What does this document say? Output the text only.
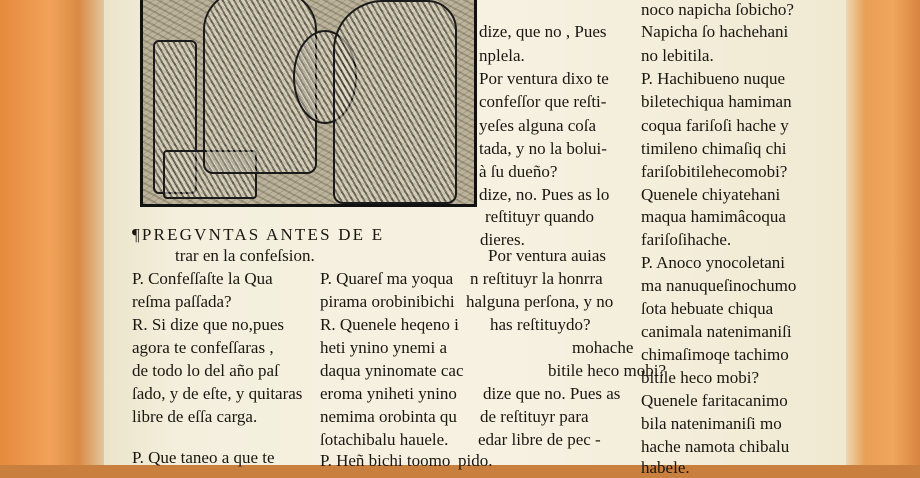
dize, que no , Pues
nplela.
Por ventura dixo te
confeſſor que reſti-
yeſes alguna coſa
tada, y no la bolui-
à ſu dueño?
dize, no. Pues as lo
reſtituyr quando
dieres.
noco napicha ſobicho?
Napicha ſo hachehani
no lebitila.
P. Hachibueno nuque
biletechiqua hamiman
coqua fariſoſi hache y
timileno chimaſiq chi
fariſobitilehecomobi?
Quenele chiyatehani
maqua hamimâcoqua
fariſoſihache.
P. Anoco ynocoletani
ma nanuqueſinochumo
ſota hebuate chiqua
canimala natenimaniſi
chimaſimoqe tachimo
bitile heco mobi?
Quenele faritacanimo
bila natenimaniſi mo
hache namota chibalu
habele.
¶PREGVNTAS ANTES DE E
trar en la confeſsion.	Por ventura auias
P. Confeſſaſte la Qua
reſma paſſada?
R. Si dize que no,pues
agora te confeſſaras ,
de todo lo del año paſ
ſado, y de eſte, y quitaras
libre de eſſa carga.
P. Que taneo a que te
P. Quareſ ma yoqua
pirama orobinibichi
R. Quenele heqeno i
heti ynino ynemi a
daqua yninomate cac
eroma yniheti ynino
nemima orobinta qu
ſotachibalu hauele.
P. Heñ bichi toomo
n reſtituyr la honrra
halguna perſona, y no
has reſtituydo?
mohache
bitile heco mobi?
dize que no. Pues as
de reſtituyr para
edar libre de pec -
pido.
